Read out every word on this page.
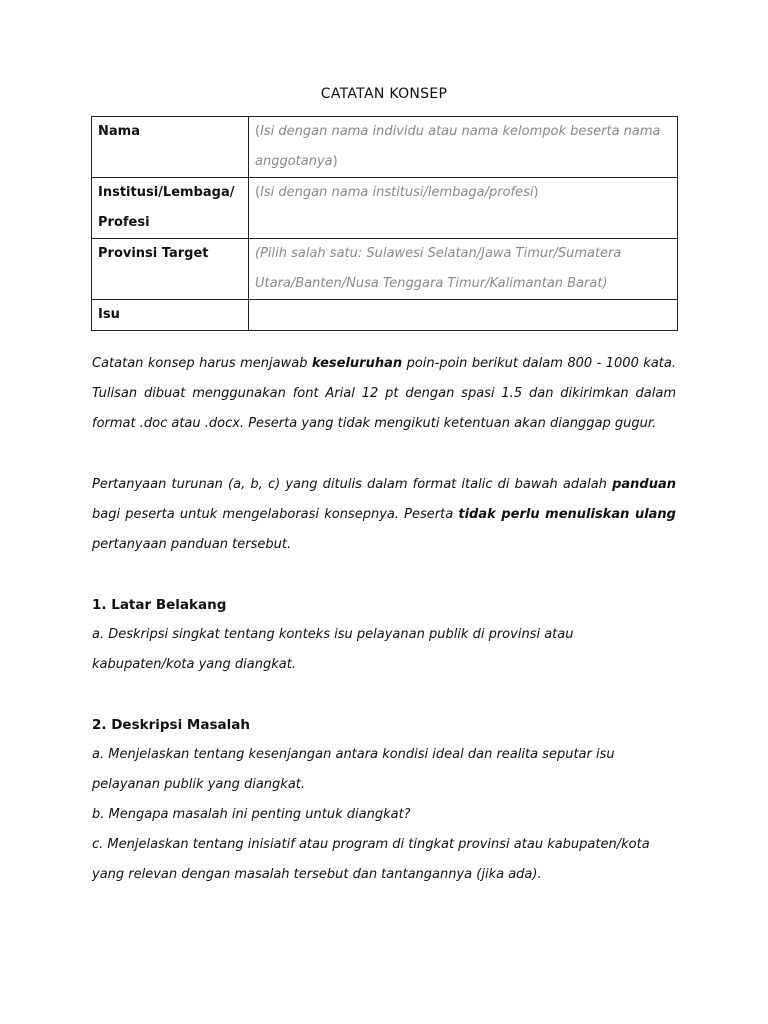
CATATAN KONSEP
Nama	(Isi dengan nama individu atau nama kelompok beserta nama anggotanya)
Institusi/Lembaga/ Profesi	(Isi dengan nama institusi/lembaga/profesi)
Provinsi Target	(Pilih salah satu: Sulawesi Selatan/Jawa Timur/Sumatera Utara/Banten/Nusa Tenggara Timur/Kalimantan Barat)
Isu	
Catatan konsep harus menjawab keseluruhan poin-poin berikut dalam 800 - 1000 kata. Tulisan dibuat menggunakan font Arial 12 pt dengan spasi 1.5 dan dikirimkan dalam format .doc atau .docx. Peserta yang tidak mengikuti ketentuan akan dianggap gugur.
Pertanyaan turunan (a, b, c) yang ditulis dalam format italic di bawah adalah panduan bagi peserta untuk mengelaborasi konsepnya. Peserta tidak perlu menuliskan ulang pertanyaan panduan tersebut.
1. Latar Belakang
a. Deskripsi singkat tentang konteks isu pelayanan publik di provinsi atau kabupaten/kota yang diangkat.
2. Deskripsi Masalah
a. Menjelaskan tentang kesenjangan antara kondisi ideal dan realita seputar isu pelayanan publik yang diangkat.
b. Mengapa masalah ini penting untuk diangkat?
c. Menjelaskan tentang inisiatif atau program di tingkat provinsi atau kabupaten/kota yang relevan dengan masalah tersebut dan tantangannya (jika ada).
